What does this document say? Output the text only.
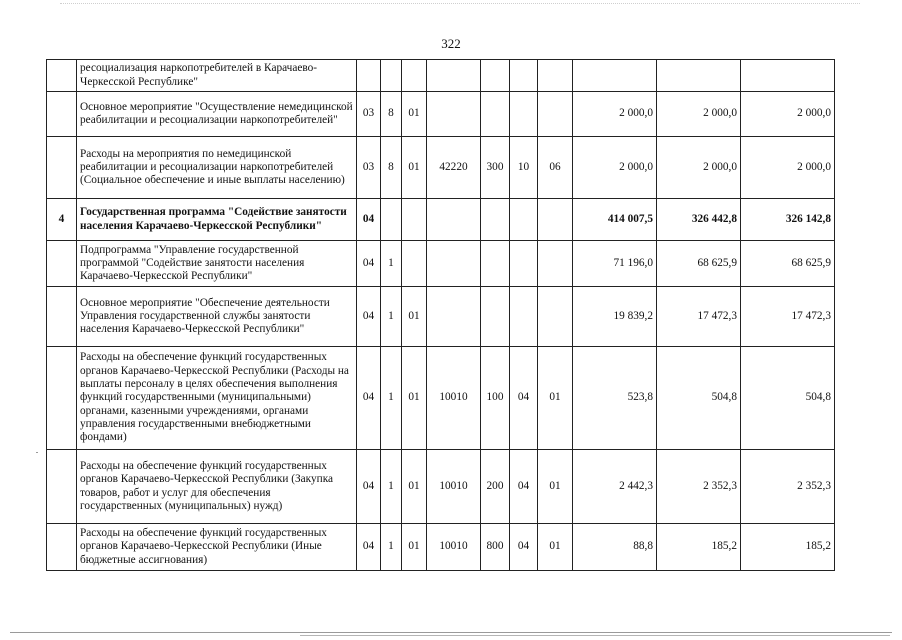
322
	ресоциализация наркопотребителей в Карачаево-Черкесской Республике"										
	Основное мероприятие "Осуществление немедицинской реабилитации и ресоциализации наркопотребителей"	03	8	01					2 000,0	2 000,0	2 000,0
	Расходы на мероприятия по немедицинской реабилитации и ресоциализации наркопотребителей (Социальное обеспечение и иные выплаты населению)	03	8	01	42220	300	10	06	2 000,0	2 000,0	2 000,0
4	Государственная программа "Содействие занятости населения Карачаево-Черкесской Республики"	04							414 007,5	326 442,8	326 142,8
	Подпрограмма "Управление государственной программой "Содействие занятости населения Карачаево-Черкесской Республики"	04	1						71 196,0	68 625,9	68 625,9
	Основное мероприятие "Обеспечение деятельности Управления государственной службы занятости населения Карачаево-Черкесской Республики"	04	1	01					19 839,2	17 472,3	17 472,3
	Расходы на обеспечение функций государственных органов Карачаево-Черкесской Республики (Расходы на выплаты персоналу в целях обеспечения выполнения функций государственными (муниципальными) органами, казенными учреждениями, органами управления государственными внебюджетными фондами)	04	1	01	10010	100	04	01	523,8	504,8	504,8
	Расходы на обеспечение функций государственных органов Карачаево-Черкесской Республики (Закупка товаров, работ и услуг для обеспечения государственных (муниципальных) нужд)	04	1	01	10010	200	04	01	2 442,3	2 352,3	2 352,3
	Расходы на обеспечение функций государственных органов Карачаево-Черкесской Республики (Иные бюджетные ассигнования)	04	1	01	10010	800	04	01	88,8	185,2	185,2
